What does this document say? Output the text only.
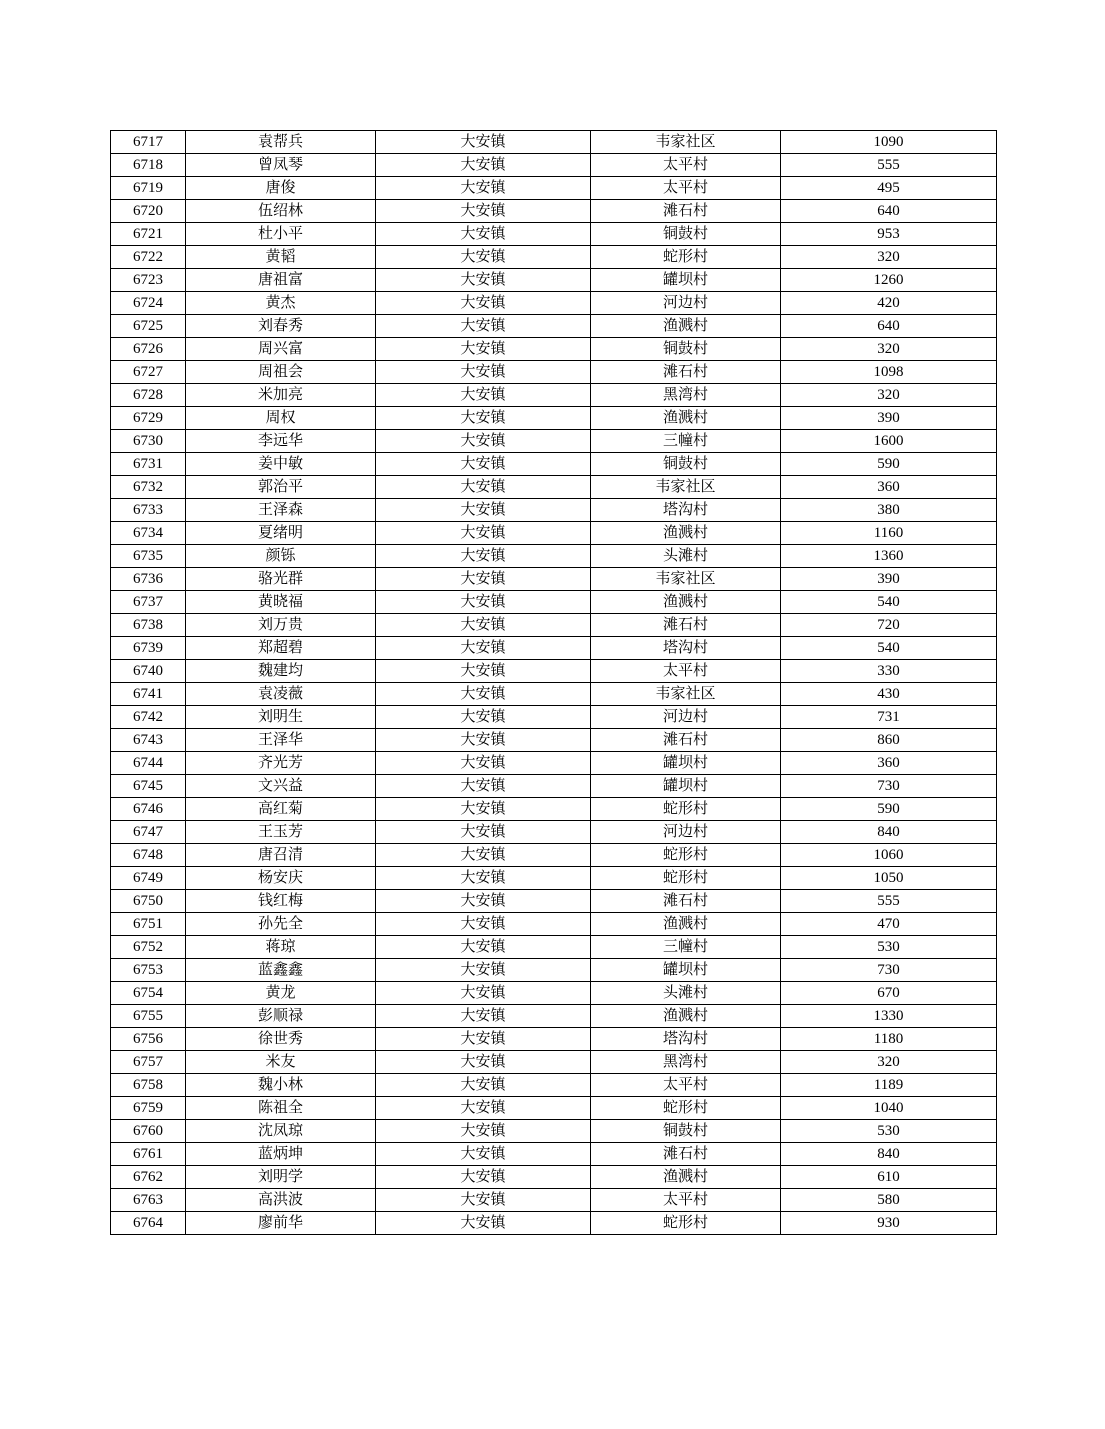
6717	袁帮兵	大安镇	韦家社区	1090
6718	曾凤琴	大安镇	太平村	555
6719	唐俊	大安镇	太平村	495
6720	伍绍林	大安镇	滩石村	640
6721	杜小平	大安镇	铜鼓村	953
6722	黄韬	大安镇	蛇形村	320
6723	唐祖富	大安镇	罐坝村	1260
6724	黄杰	大安镇	河边村	420
6725	刘春秀	大安镇	渔溅村	640
6726	周兴富	大安镇	铜鼓村	320
6727	周祖会	大安镇	滩石村	1098
6728	米加亮	大安镇	黑湾村	320
6729	周权	大安镇	渔溅村	390
6730	李远华	大安镇	三幢村	1600
6731	姜中敏	大安镇	铜鼓村	590
6732	郭治平	大安镇	韦家社区	360
6733	王泽森	大安镇	塔沟村	380
6734	夏绪明	大安镇	渔溅村	1160
6735	颜铄	大安镇	头滩村	1360
6736	骆光群	大安镇	韦家社区	390
6737	黄晓福	大安镇	渔溅村	540
6738	刘万贵	大安镇	滩石村	720
6739	郑超碧	大安镇	塔沟村	540
6740	魏建均	大安镇	太平村	330
6741	袁凌薇	大安镇	韦家社区	430
6742	刘明生	大安镇	河边村	731
6743	王泽华	大安镇	滩石村	860
6744	齐光芳	大安镇	罐坝村	360
6745	文兴益	大安镇	罐坝村	730
6746	高红菊	大安镇	蛇形村	590
6747	王玉芳	大安镇	河边村	840
6748	唐召清	大安镇	蛇形村	1060
6749	杨安庆	大安镇	蛇形村	1050
6750	钱红梅	大安镇	滩石村	555
6751	孙先全	大安镇	渔溅村	470
6752	蒋琼	大安镇	三幢村	530
6753	蓝鑫鑫	大安镇	罐坝村	730
6754	黄龙	大安镇	头滩村	670
6755	彭顺禄	大安镇	渔溅村	1330
6756	徐世秀	大安镇	塔沟村	1180
6757	米友	大安镇	黑湾村	320
6758	魏小林	大安镇	太平村	1189
6759	陈祖全	大安镇	蛇形村	1040
6760	沈凤琼	大安镇	铜鼓村	530
6761	蓝炳坤	大安镇	滩石村	840
6762	刘明学	大安镇	渔溅村	610
6763	高洪波	大安镇	太平村	580
6764	廖前华	大安镇	蛇形村	930
